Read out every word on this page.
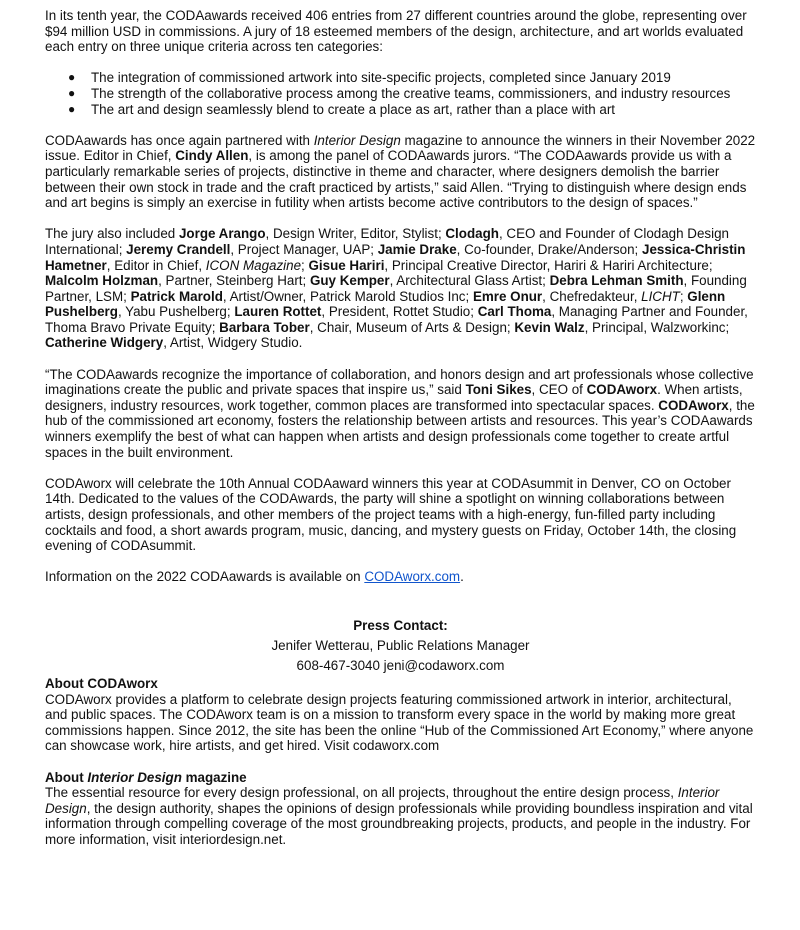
In its tenth year, the CODAawards received 406 entries from 27 different countries around the globe, representing over $94 million USD in commissions. A jury of 18 esteemed members of the design, architecture, and art worlds evaluated each entry on three unique criteria across ten categories:

● The integration of commissioned artwork into site-specific projects, completed since January 2019
● The strength of the collaborative process among the creative teams, commissioners, and industry resources
● The art and design seamlessly blend to create a place as art, rather than a place with art

CODAawards has once again partnered with Interior Design magazine to announce the winners in their November 2022 issue. Editor in Chief, Cindy Allen, is among the panel of CODAawards jurors. “The CODAawards provide us with a particularly remarkable series of projects, distinctive in theme and character, where designers demolish the barrier between their own stock in trade and the craft practiced by artists,” said Allen. “Trying to distinguish where design ends and art begins is simply an exercise in futility when artists become active contributors to the design of spaces.”

The jury also included Jorge Arango, Design Writer, Editor, Stylist; Clodagh, CEO and Founder of Clodagh Design International; Jeremy Crandell, Project Manager, UAP; Jamie Drake, Co-founder, Drake/Anderson; Jessica-Christin Hametner, Editor in Chief, ICON Magazine; Gisue Hariri, Principal Creative Director, Hariri & Hariri Architecture; Malcolm Holzman, Partner, Steinberg Hart; Guy Kemper, Architectural Glass Artist; Debra Lehman Smith, Founding Partner, LSM; Patrick Marold, Artist/Owner, Patrick Marold Studios Inc; Emre Onur, Chefredakteur, LICHT; Glenn Pushelberg, Yabu Pushelberg; Lauren Rottet, President, Rottet Studio; Carl Thoma, Managing Partner and Founder, Thoma Bravo Private Equity; Barbara Tober, Chair, Museum of Arts & Design; Kevin Walz, Principal, Walzworkinc; Catherine Widgery, Artist, Widgery Studio.

“The CODAawards recognize the importance of collaboration, and honors design and art professionals whose collective imaginations create the public and private spaces that inspire us,” said Toni Sikes, CEO of CODAworx. When artists, designers, industry resources, work together, common places are transformed into spectacular spaces. CODAworx, the hub of the commissioned art economy, fosters the relationship between artists and resources. This year’s CODAawards winners exemplify the best of what can happen when artists and design professionals come together to create artful spaces in the built environment.

CODAworx will celebrate the 10th Annual CODAaward winners this year at CODAsummit in Denver, CO on October 14th. Dedicated to the values of the CODAwards, the party will shine a spotlight on winning collaborations between artists, design professionals, and other members of the project teams with a high-energy, fun-filled party including cocktails and food, a short awards program, music, dancing, and mystery guests on Friday, October 14th, the closing evening of CODAsummit.

Information on the 2022 CODAawards is available on CODAworx.com.

Press Contact:
Jenifer Wetterau, Public Relations Manager
608-467-3040 jeni@codaworx.com
About CODAworx

CODAworx provides a platform to celebrate design projects featuring commissioned artwork in interior, architectural, and public spaces. The CODAworx team is on a mission to transform every space in the world by making more great commissions happen. Since 2012, the site has been the online “Hub of the Commissioned Art Economy,” where anyone can showcase work, hire artists, and get hired. Visit codaworx.com

About Interior Design magazine

The essential resource for every design professional, on all projects, throughout the entire design process, Interior Design, the design authority, shapes the opinions of design professionals while providing boundless inspiration and vital information through compelling coverage of the most groundbreaking projects, products, and people in the industry. For more information, visit interiordesign.net.
